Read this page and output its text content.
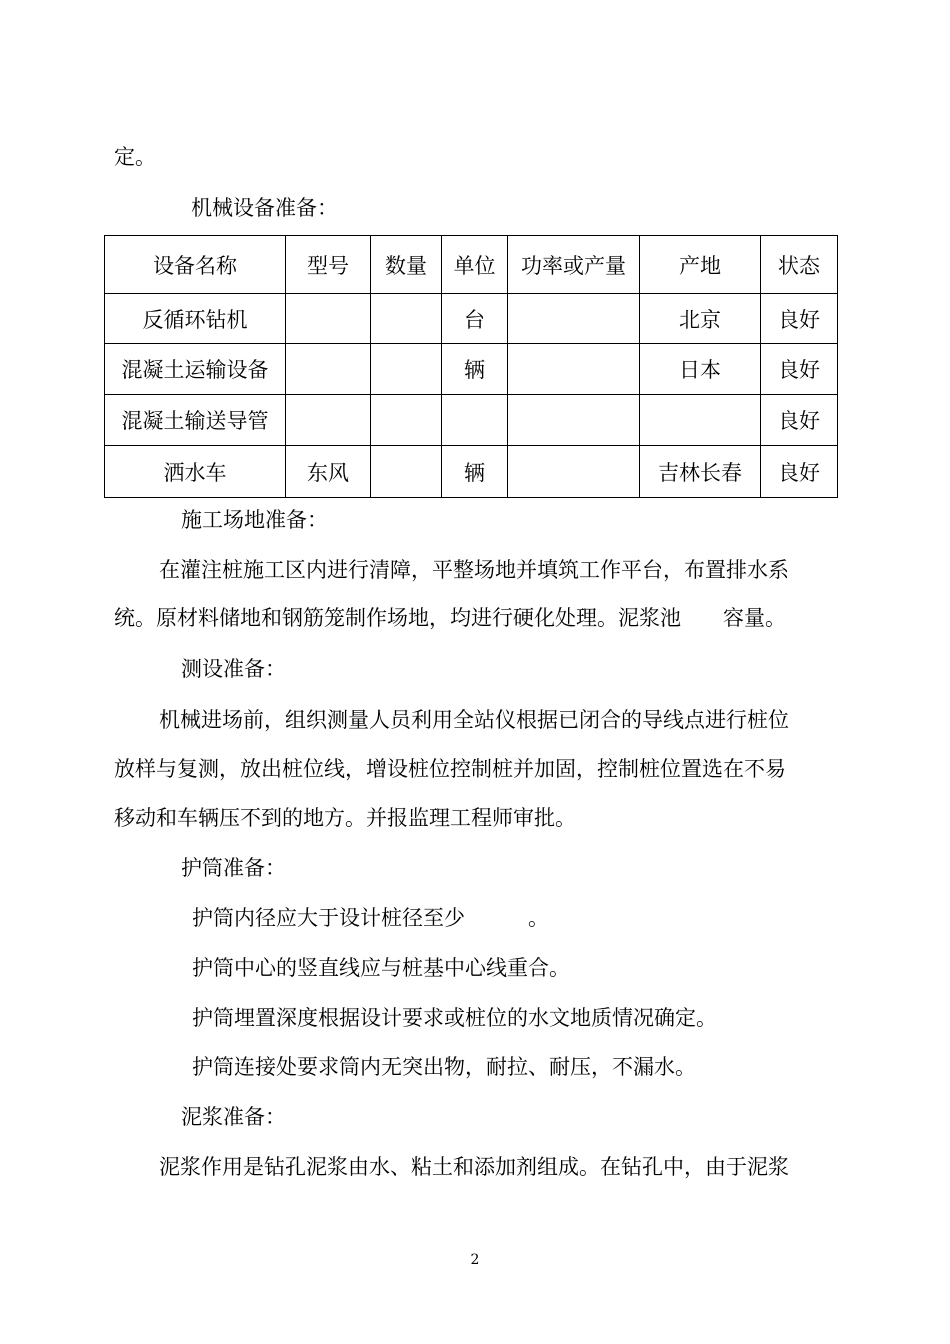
定。
机械设备准备：
设备名称	型号	数量	单位	功率或产量	产地	状态
反循环钻机			台		北京	良好
混凝土运输设备			辆		日本	良好
混凝土输送导管						良好
洒水车	东风		辆		吉林长春	良好
施工场地准备：
在灌注桩施工区内进行清障，平整场地并填筑工作平台，布置排水系
统。原材料储地和钢筋笼制作场地，均进行硬化处理。泥浆池　　容量。
测设准备：
机械进场前，组织测量人员利用全站仪根据已闭合的导线点进行桩位
放样与复测，放出桩位线，增设桩位控制桩并加固，控制桩位置选在不易
移动和车辆压不到的地方。并报监理工程师审批。
护筒准备：
护筒内径应大于设计桩径至少　　　。
护筒中心的竖直线应与桩基中心线重合。
护筒埋置深度根据设计要求或桩位的水文地质情况确定。
护筒连接处要求筒内无突出物，耐拉、耐压，不漏水。
泥浆准备：
泥浆作用是钻孔泥浆由水、粘土和添加剂组成。在钻孔中，由于泥浆
2
